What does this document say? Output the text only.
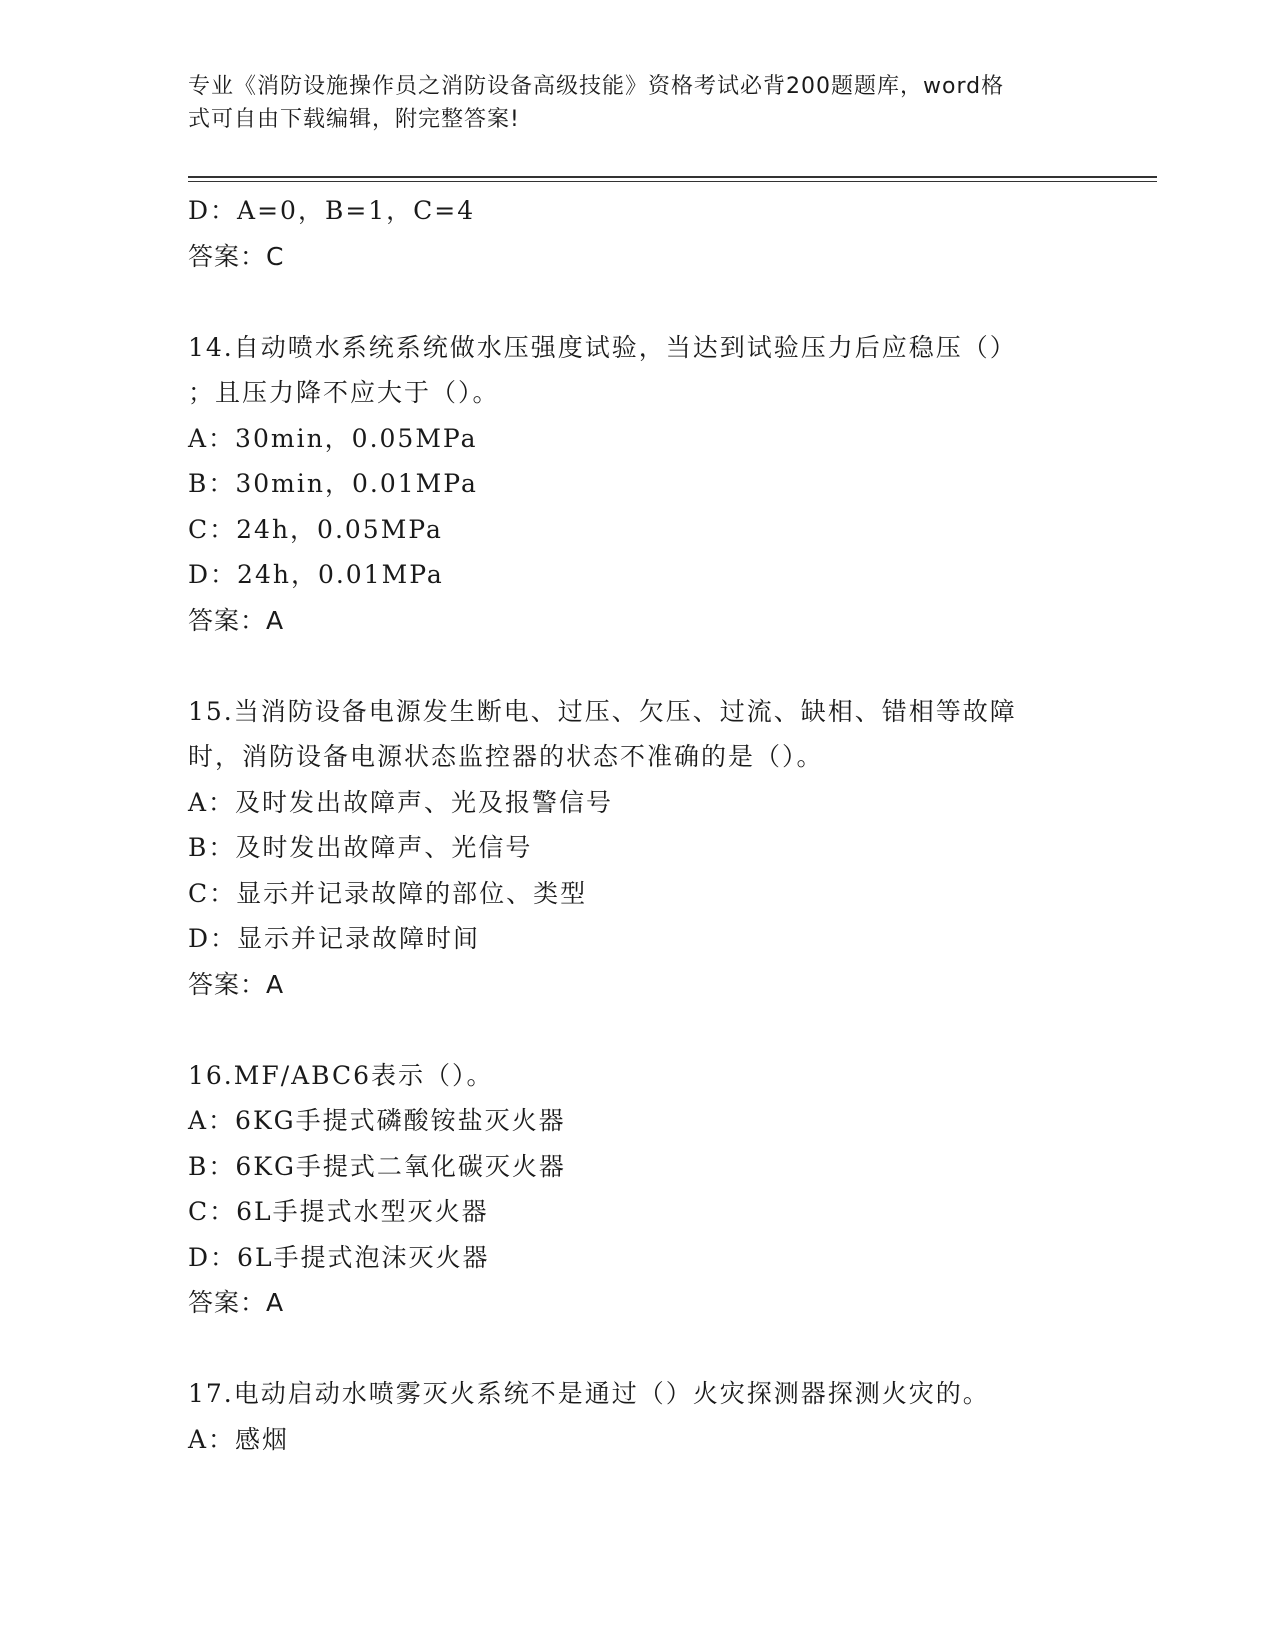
专业《消防设施操作员之消防设备高级技能》资格考试必背200题题库，word格
式可自由下载编辑，附完整答案!
D：A=0，B=1，C=4
答案：C
14.自动喷水系统系统做水压强度试验，当达到试验压力后应稳压（）
；且压力降不应大于（）。
A：30min，0.05MPa
B：30min，0.01MPa
C：24h，0.05MPa
D：24h，0.01MPa
答案：A
15.当消防设备电源发生断电、过压、欠压、过流、缺相、错相等故障
时，消防设备电源状态监控器的状态不准确的是（）。
A：及时发出故障声、光及报警信号
B：及时发出故障声、光信号
C：显示并记录故障的部位、类型
D：显示并记录故障时间
答案：A
16.MF/ABC6表示（）。
A：6KG手提式磷酸铵盐灭火器
B：6KG手提式二氧化碳灭火器
C：6L手提式水型灭火器
D：6L手提式泡沫灭火器
答案：A
17.电动启动水喷雾灭火系统不是通过（）火灾探测器探测火灾的。
A：感烟
